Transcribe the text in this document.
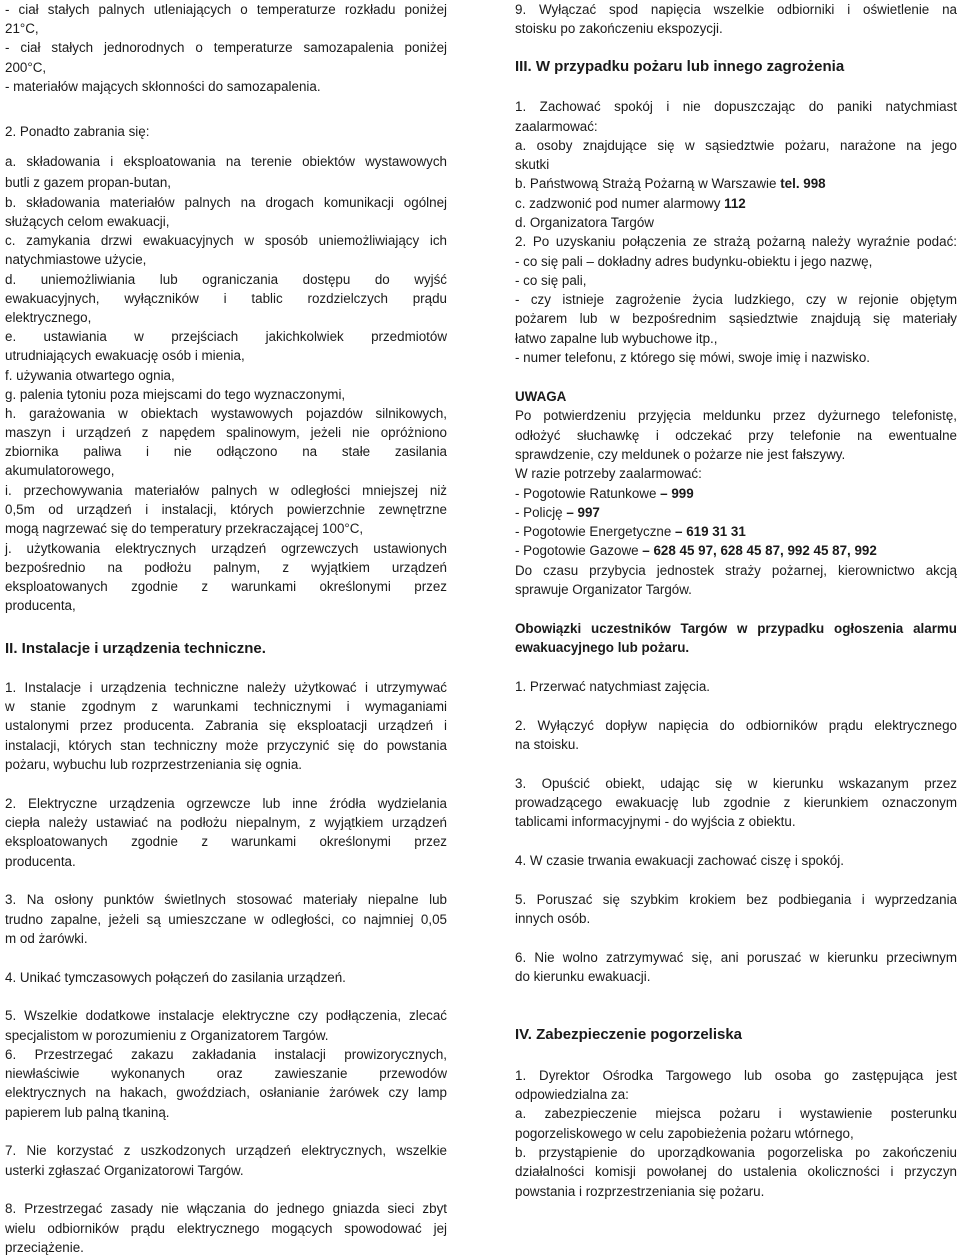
- ciał stałych palnych utleniających o temperaturze rozkładu poniżej
21°C,
- ciał stałych jednorodnych o temperaturze samozapalenia poniżej
200°C,
- materiałów mających skłonności do samozapalenia.
2. Ponadto zabrania się:
a. składowania i eksploatowania na terenie obiektów wystawowych
butli z gazem propan-butan,
b. składowania materiałów palnych na drogach komunikacji ogólnej
służących celom ewakuacji,
c. zamykania drzwi ewakuacyjnych w sposób uniemożliwiający ich
natychmiastowe użycie,
d. uniemożliwiania lub ograniczania dostępu do wyjść
ewakuacyjnych, wyłączników i tablic rozdzielczych prądu
elektrycznego,
e. ustawiania w przejściach jakichkolwiek przedmiotów
utrudniających ewakuację osób i mienia,
f. używania otwartego ognia,
g. palenia tytoniu poza miejscami do tego wyznaczonymi,
h. garażowania w obiektach wystawowych pojazdów silnikowych,
maszyn i urządzeń z napędem spalinowym, jeżeli nie opróżniono
zbiornika paliwa i nie odłączono na stałe zasilania
akumulatorowego,
i. przechowywania materiałów palnych w odległości mniejszej niż
0,5m od urządzeń i instalacji, których powierzchnie zewnętrzne
mogą nagrzewać się do temperatury przekraczającej 100°C,
j. użytkowania elektrycznych urządzeń ogrzewczych ustawionych
bezpośrednio na podłożu palnym, z wyjątkiem urządzeń
eksploatowanych zgodnie z warunkami określonymi przez
producenta,
II. Instalacje i urządzenia techniczne.
1. Instalacje i urządzenia techniczne należy użytkować i utrzymywać
w stanie zgodnym z warunkami technicznymi i wymaganiami
ustalonymi przez producenta. Zabrania się eksploatacji urządzeń i
instalacji, których stan techniczny może przyczynić się do powstania
pożaru, wybuchu lub rozprzestrzeniania się ognia.
2. Elektryczne urządzenia ogrzewcze lub inne źródła wydzielania
ciepła należy ustawiać na podłożu niepalnym, z wyjątkiem urządzeń
eksploatowanych zgodnie z warunkami określonymi przez
producenta.
3. Na osłony punktów świetlnych stosować materiały niepalne lub
trudno zapalne, jeżeli są umieszczane w odległości, co najmniej 0,05
m od żarówki.
4. Unikać tymczasowych połączeń do zasilania urządzeń.
5. Wszelkie dodatkowe instalacje elektryczne czy podłączenia, zlecać
specjalistom w porozumieniu z Organizatorem Targów.
6. Przestrzegać zakazu zakładania instalacji prowizorycznych,
niewłaściwie wykonanych oraz zawieszanie przewodów
elektrycznych na hakach, gwoździach, osłanianie żarówek czy lamp
papierem lub palną tkaniną.
7. Nie korzystać z uszkodzonych urządzeń elektrycznych, wszelkie
usterki zgłaszać Organizatorowi Targów.
8. Przestrzegać zasady nie włączania do jednego gniazda sieci zbyt
wielu odbiorników prądu elektrycznego mogących spowodować jej
przeciążenie.
9. Wyłączać spod napięcia wszelkie odbiorniki i oświetlenie na
stoisku po zakończeniu ekspozycji.
III. W przypadku pożaru lub innego zagrożenia
1. Zachować spokój i nie dopuszczając do paniki natychmiast
zaalarmować:
a. osoby znajdujące się w sąsiedztwie pożaru, narażone na jego
skutki
b. Państwową Strażą Pożarną w Warszawie tel. 998
c. zadzwonić pod numer alarmowy 112
d. Organizatora Targów
2. Po uzyskaniu połączenia ze strażą pożarną należy wyraźnie podać:
- co się pali – dokładny adres budynku-obiektu i jego nazwę,
- co się pali,
- czy istnieje zagrożenie życia ludzkiego, czy w rejonie objętym
pożarem lub w bezpośrednim sąsiedztwie znajdują się materiały
łatwo zapalne lub wybuchowe itp.,
- numer telefonu, z którego się mówi, swoje imię i nazwisko.
UWAGA
Po potwierdzeniu przyjęcia meldunku przez dyżurnego telefonistę,
odłożyć słuchawkę i odczekać przy telefonie na ewentualne
sprawdzenie, czy meldunek o pożarze nie jest fałszywy.
W razie potrzeby zaalarmować:
- Pogotowie Ratunkowe – 999
- Policję – 997
- Pogotowie Energetyczne – 619 31 31
- Pogotowie Gazowe – 628 45 97, 628 45 87, 992 45 87, 992
Do czasu przybycia jednostek straży pożarnej, kierownictwo akcją
sprawuje Organizator Targów.
Obowiązki uczestników Targów w przypadku ogłoszenia alarmu
ewakuacyjnego lub pożaru.
1. Przerwać natychmiast zajęcia.
2. Wyłączyć dopływ napięcia do odbiorników prądu elektrycznego
na stoisku.
3. Opuścić obiekt, udając się w kierunku wskazanym przez
prowadzącego ewakuację lub zgodnie z kierunkiem oznaczonym
tablicami informacyjnymi - do wyjścia z obiektu.
4. W czasie trwania ewakuacji zachować ciszę i spokój.
5. Poruszać się szybkim krokiem bez podbiegania i wyprzedzania
innych osób.
6. Nie wolno zatrzymywać się, ani poruszać w kierunku przeciwnym
do kierunku ewakuacji.
IV. Zabezpieczenie pogorzeliska
1. Dyrektor Ośrodka Targowego lub osoba go zastępująca jest
odpowiedzialna za:
a. zabezpieczenie miejsca pożaru i wystawienie posterunku
pogorzeliskowego w celu zapobieżenia pożaru wtórnego,
b. przystąpienie do uporządkowania pogorzeliska po zakończeniu
działalności komisji powołanej do ustalenia okoliczności i przyczyn
powstania i rozprzestrzeniania się pożaru.
